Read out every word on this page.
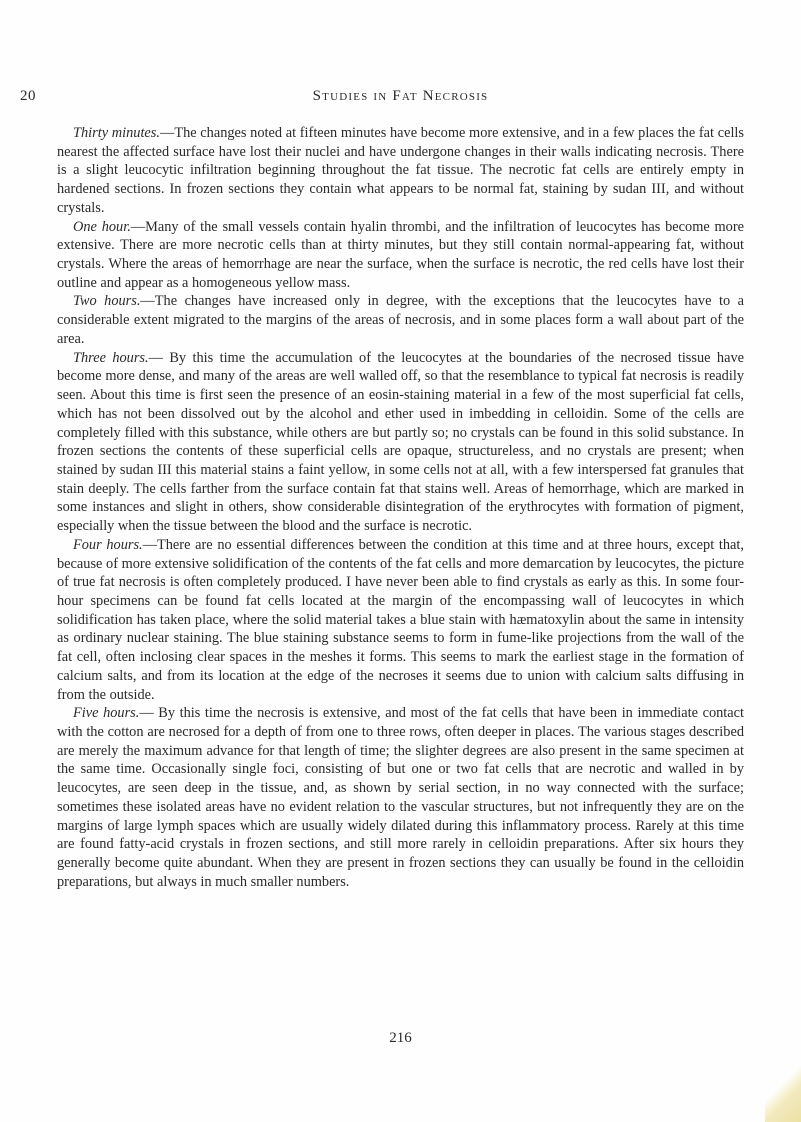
20	Studies in Fat Necrosis

Thirty minutes.—The changes noted at fifteen minutes have become more extensive, and in a few places the fat cells nearest the affected surface have lost their nuclei and have undergone changes in their walls indicating necrosis. There is a slight leucocytic infiltration beginning throughout the fat tissue. The necrotic fat cells are entirely empty in hardened sections. In frozen sections they contain what appears to be normal fat, staining by sudan III, and without crystals.

One hour.—Many of the small vessels contain hyalin thrombi, and the infiltration of leucocytes has become more extensive. There are more necrotic cells than at thirty minutes, but they still contain normal-appearing fat, without crystals. Where the areas of hemorrhage are near the surface, when the surface is necrotic, the red cells have lost their outline and appear as a homogeneous yellow mass.

Two hours.—The changes have increased only in degree, with the exceptions that the leucocytes have to a considerable extent migrated to the margins of the areas of necrosis, and in some places form a wall about part of the area.

Three hours.— By this time the accumulation of the leucocytes at the boundaries of the necrosed tissue have become more dense, and many of the areas are well walled off, so that the resemblance to typical fat necrosis is readily seen. About this time is first seen the presence of an eosin-staining material in a few of the most superficial fat cells, which has not been dissolved out by the alcohol and ether used in imbedding in celloidin. Some of the cells are completely filled with this substance, while others are but partly so; no crystals can be found in this solid substance. In frozen sections the contents of these superficial cells are opaque, structureless, and no crystals are present; when stained by sudan III this material stains a faint yellow, in some cells not at all, with a few interspersed fat granules that stain deeply. The cells farther from the surface contain fat that stains well. Areas of hemorrhage, which are marked in some instances and slight in others, show considerable disintegration of the erythrocytes with formation of pigment, especially when the tissue between the blood and the surface is necrotic.

Four hours.—There are no essential differences between the condition at this time and at three hours, except that, because of more extensive solidification of the contents of the fat cells and more demarcation by leucocytes, the picture of true fat necrosis is often completely produced. I have never been able to find crystals as early as this. In some four-hour specimens can be found fat cells located at the margin of the encompassing wall of leucocytes in which solidification has taken place, where the solid material takes a blue stain with hæmatoxylin about the same in intensity as ordinary nuclear staining. The blue staining substance seems to form in fume-like projections from the wall of the fat cell, often inclosing clear spaces in the meshes it forms. This seems to mark the earliest stage in the formation of calcium salts, and from its location at the edge of the necroses it seems due to union with calcium salts diffusing in from the outside.

Five hours.— By this time the necrosis is extensive, and most of the fat cells that have been in immediate contact with the cotton are necrosed for a depth of from one to three rows, often deeper in places. The various stages described are merely the maximum advance for that length of time; the slighter degrees are also present in the same specimen at the same time. Occasionally single foci, consisting of but one or two fat cells that are necrotic and walled in by leucocytes, are seen deep in the tissue, and, as shown by serial section, in no way connected with the surface; sometimes these isolated areas have no evident relation to the vascular structures, but not infrequently they are on the margins of large lymph spaces which are usually widely dilated during this inflammatory process. Rarely at this time are found fatty-acid crystals in frozen sections, and still more rarely in celloidin preparations. After six hours they generally become quite abundant. When they are present in frozen sections they can usually be found in the celloidin preparations, but always in much smaller numbers.

216
